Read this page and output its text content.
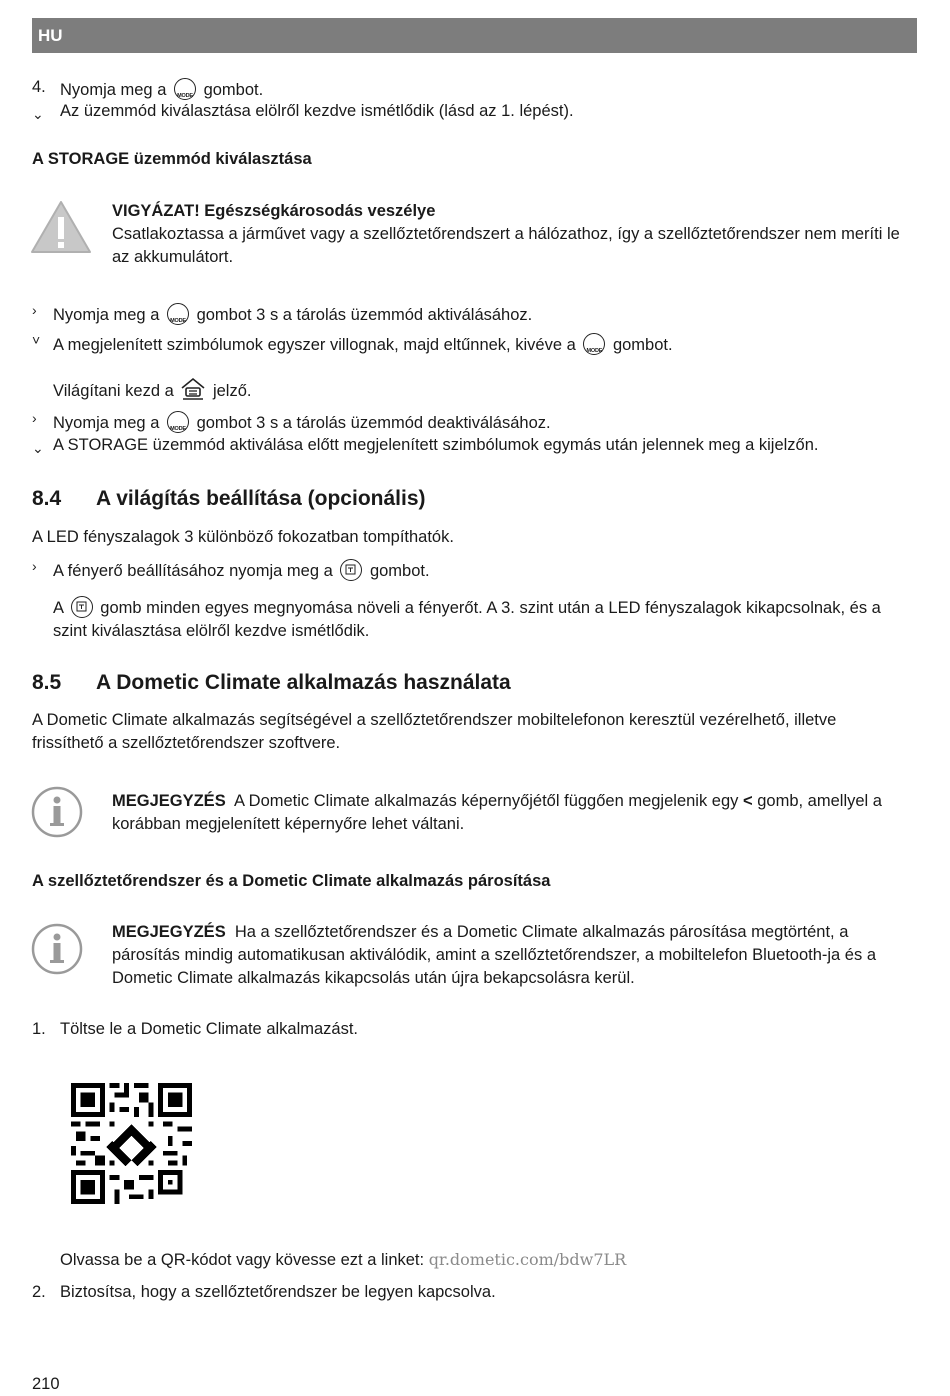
HU
4. Nyomja meg a MODE gombot.
⌄ Az üzemmód kiválasztása elölről kezdve ismétlődik (lásd az 1. lépést).
A STORAGE üzemmód kiválasztása
VIGYÁZAT! Egészségkárosodás veszélye
Csatlakoztassa a járművet vagy a szellőztetőrendszert a hálózathoz, így a szellőztetőrendszer nem meríti le az akkumulátort.
› Nyomja meg a MODE gombot 3 s a tárolás üzemmód aktiválásához.
˅ A megjelenített szimbólumok egyszer villognak, majd eltűnnek, kivéve a MODE gombot.
Világítani kezd a jelző.
› Nyomja meg a MODE gombot 3 s a tárolás üzemmód deaktiválásához.
⌄ A STORAGE üzemmód aktiválása előtt megjelenített szimbólumok egymás után jelennek meg a kijelzőn.
8.4 A világítás beállítása (opcionális)
A LED fényszalagok 3 különböző fokozatban tompíthatók.
› A fényerő beállításához nyomja meg a gombot.
A gomb minden egyes megnyomása növeli a fényerőt. A 3. szint után a LED fényszalagok kikapcsolnak, és a
szint kiválasztása elölről kezdve ismétlődik.
8.5 A Dometic Climate alkalmazás használata
A Dometic Climate alkalmazás segítségével a szellőztetőrendszer mobiltelefonon keresztül vezérelhető, illetve
frissíthető a szellőztetőrendszer szoftvere.
MEGJEGYZÉS A Dometic Climate alkalmazás képernyőjétől függően megjelenik egy < gomb, amellyel a
korábban megjelenített képernyőre lehet váltani.
A szellőztetőrendszer és a Dometic Climate alkalmazás párosítása
MEGJEGYZÉS Ha a szellőztetőrendszer és a Dometic Climate alkalmazás párosítása megtörtént, a
párosítás mindig automatikusan aktiválódik, amint a szellőztetőrendszer, a mobiltelefon Bluetooth-ja és a
Dometic Climate alkalmazás kikapcsolás után újra bekapcsolásra kerül.
1. Töltse le a Dometic Climate alkalmazást.
Olvassa be a QR-kódot vagy kövesse ezt a linket: qr.dometic.com/bdw7LR
2. Biztosítsa, hogy a szellőztetőrendszer be legyen kapcsolva.
210
